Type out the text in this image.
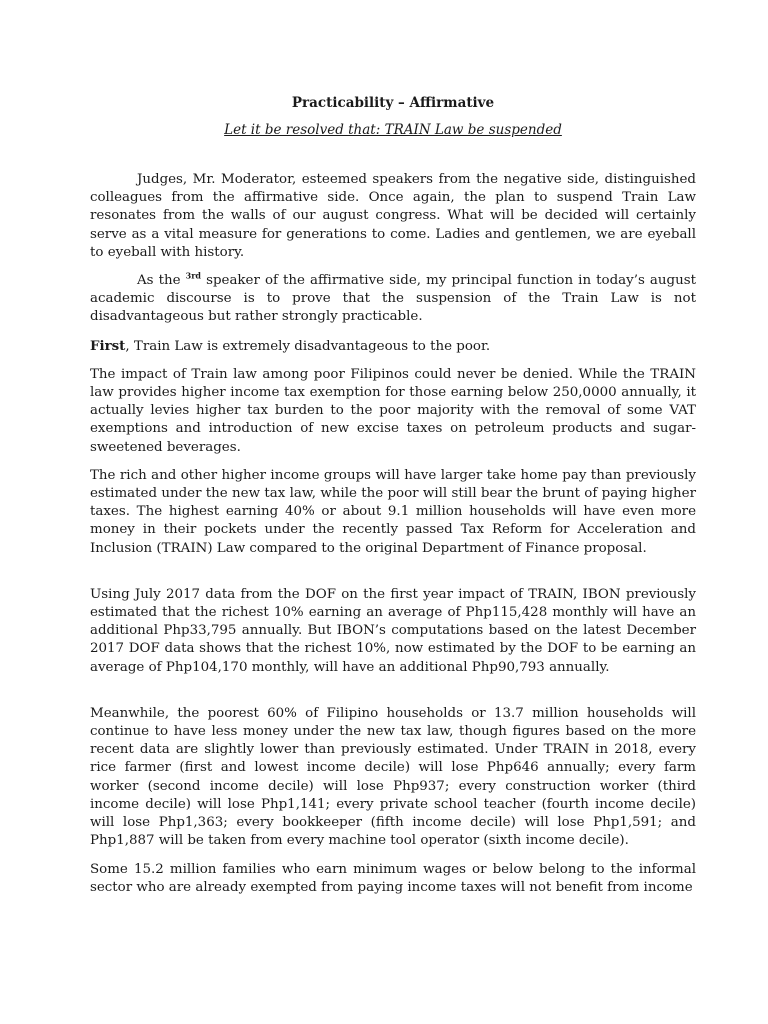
Practicability – Affirmative
Let it be resolved that: TRAIN Law be suspended

Judges, Mr. Moderator, esteemed speakers from the negative side, distinguished colleagues from the affirmative side. Once again, the plan to suspend Train Law resonates from the walls of our august congress. What will be decided will certainly serve as a vital measure for generations to come. Ladies and gentlemen, we are eyeball to eyeball with history.

As the $^{3rd}$ speaker of the affirmative side, my principal function in today’s august academic discourse is to prove that the suspension of the Train Law is not disadvantageous but rather strongly practicable.

First, Train Law is extremely disadvantageous to the poor.

The impact of Train law among poor Filipinos could never be denied. While the TRAIN law provides higher income tax exemption for those earning below 250,0000 annually, it actually levies higher tax burden to the poor majority with the removal of some VAT exemptions and introduction of new excise taxes on petroleum products and sugar-sweetened beverages.

The rich and other higher income groups will have larger take home pay than previously estimated under the new tax law, while the poor will still bear the brunt of paying higher taxes. The highest earning 40% or about 9.1 million households will have even more money in their pockets under the recently passed Tax Reform for Acceleration and Inclusion (TRAIN) Law compared to the original Department of Finance proposal.

Using July 2017 data from the DOF on the first year impact of TRAIN, IBON previously estimated that the richest 10% earning an average of Php115,428 monthly will have an additional Php33,795 annually. But IBON’s computations based on the latest December 2017 DOF data shows that the richest 10%, now estimated by the DOF to be earning an average of Php104,170 monthly, will have an additional Php90,793 annually.

Meanwhile, the poorest 60% of Filipino households or 13.7 million households will continue to have less money under the new tax law, though figures based on the more recent data are slightly lower than previously estimated. Under TRAIN in 2018, every rice farmer (first and lowest income decile) will lose Php646 annually; every farm worker (second income decile) will lose Php937; every construction worker (third income decile) will lose Php1,141; every private school teacher (fourth income decile) will lose Php1,363; every bookkeeper (fifth income decile) will lose Php1,591; and Php1,887 will be taken from every machine tool operator (sixth income decile).

Some 15.2 million families who earn minimum wages or below belong to the informal sector who are already exempted from paying income taxes will not benefit from income
